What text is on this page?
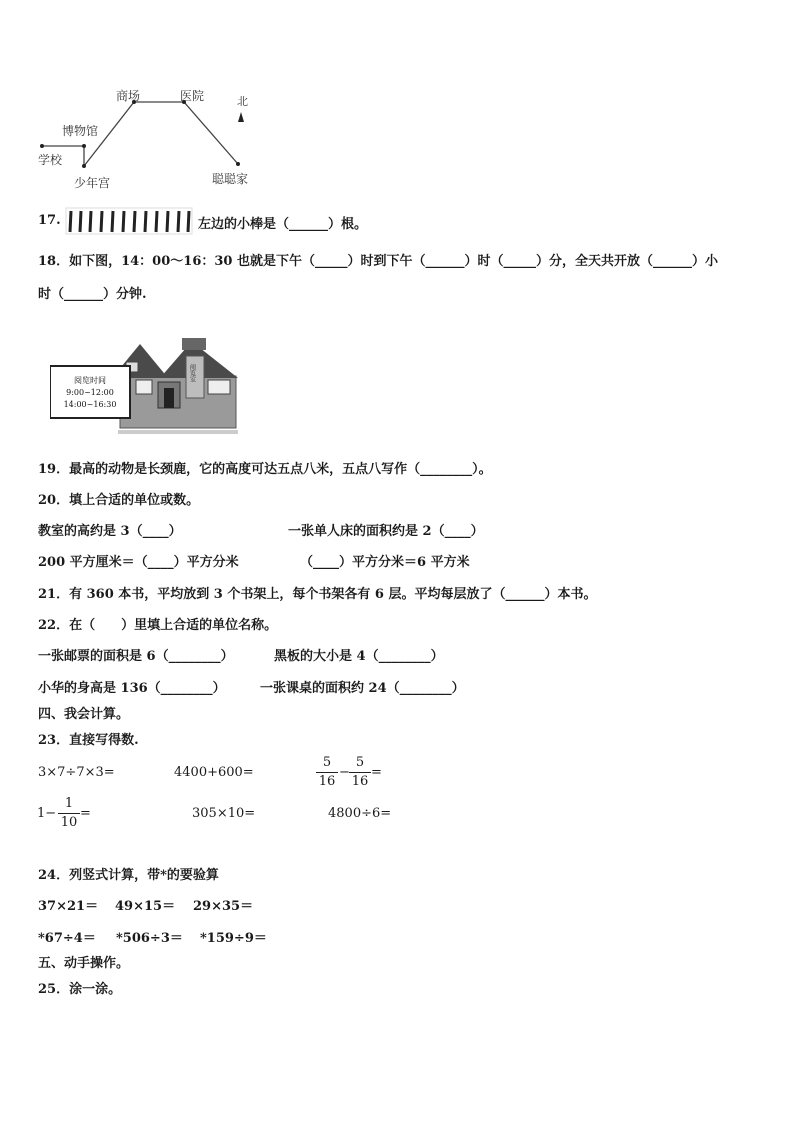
商场	医院	北
博物馆
学校
少年宫	聪聪家
17.	左边的小棒是（______）根。
18．如下图，14：00～16：30 也就是下午（_____）时到下午（______）时（_____）分，全天共开放（______）小
时（______）分钟.
阅览室
阅览时间
9:00~12:00
14:00~16:30
19．最高的动物是长颈鹿，它的高度可达五点八米，五点八写作（________）。
20．填上合适的单位或数。
教室的高约是 3（____）	一张单人床的面积约是 2（____）
200 平方厘米＝（____）平方分米	（____）平方分米＝6 平方米
21．有 360 本书，平均放到 3 个书架上，每个书架各有 6 层。平均每层放了（______）本书。
22．在（　　）里填上合适的单位名称。
一张邮票的面积是 6（________）	黑板的大小是 4（________）
小华的身高是 136（________）	一张课桌的面积约 24（________）
四、我会计算。
23．直接写得数.
3×7÷7×3=	4400+600=	$\frac{5}{16} - \frac{5}{16}$ =
$1- \frac{1}{10}$ =	305×10=	4800÷6=
24．列竖式计算，带*的要验算
37×21＝ 49×15＝ 29×35＝
*67÷4＝ *506÷3＝ *159÷9＝
五、动手操作。
25．涂一涂。
